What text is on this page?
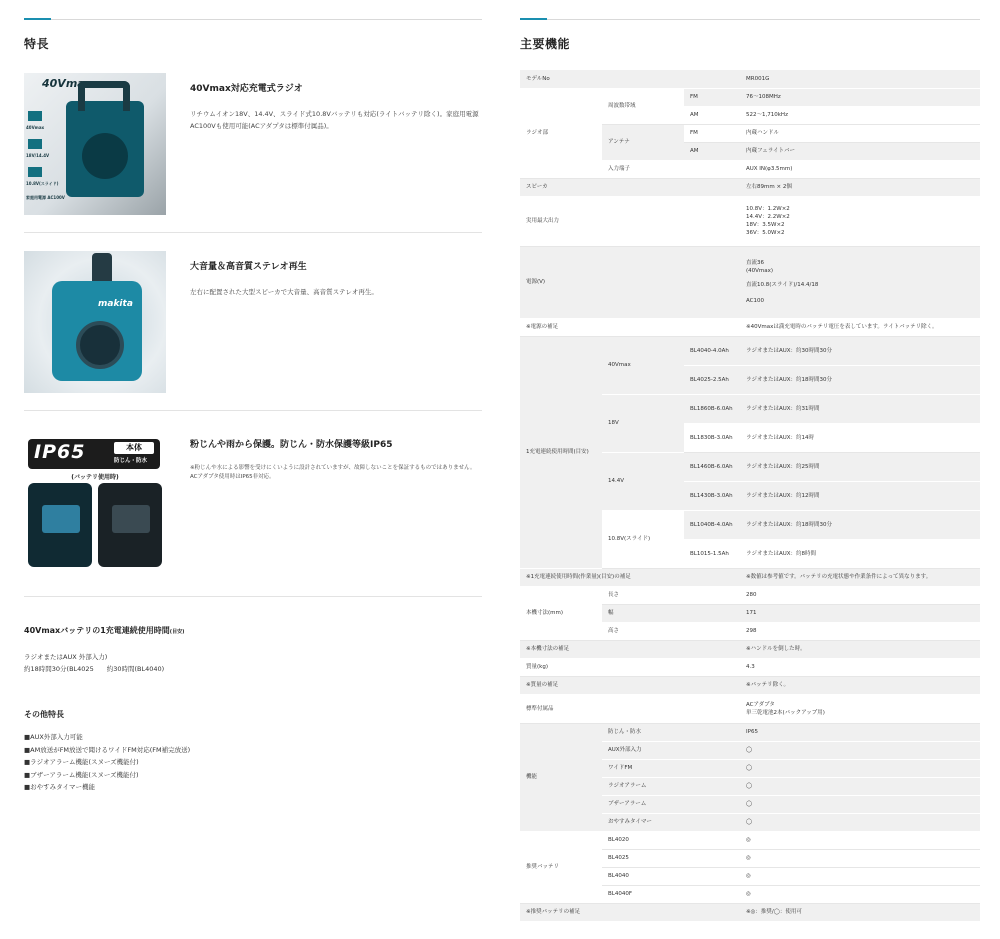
特長
40Vmax
40Vmax
18V/14.4V
10.8V(スライド)
家庭用電源 AC100V
40Vmax対応充電式ラジオ
リチウムイオン18V、14.4V、スライド式10.8Vバッテリも対応(ライトバッテリ除く)。家庭用電源AC100Vも使用可能(ACアダプタは標準付属品)。
makita
大音量＆高音質ステレオ再生
左右に配置された大型スピーカで大音量、高音質ステレオ再生。
IP65	本体
防じん・防水
(バッテリ使用時)
粉じんや雨から保護。防じん・防水保護等級IP65
※粉じんや水による影響を受けにくいように設計されていますが、故障しないことを保証するものではありません。ACアダプタ使用時はIP65非対応。
40Vmaxバッテリの1充電連続使用時間(目安)
ラジオまたはAUX 外部入力)
約18時間30分(BL4025　　約30時間(BL4040)
その他特長
■AUX外部入力可能
■AM放送がFM放送で聞けるワイドFM対応(FM補完放送)
■ラジオアラーム機能(スヌーズ機能付)
■ブザーアラーム機能(スヌーズ機能付)
■おやすみタイマー機能
主要機能
モデルNo			MR001G
ラジオ部	周波数帯域	FM	76〜108MHz
		AM	522〜1,710kHz
	アンテナ	FM	内蔵ハンドル
		AM	内蔵フェライトバー
	入力端子		AUX IN(φ3.5mm)
スピーカ			左右89mm × 2個
実用最大出力			10.8V：1.2W×2
14.4V：2.2W×2
18V：3.5W×2
36V：5.0W×2

電源(V)			直流36
(40Vmax)
直流10.8(スライド)/14.4/18
AC100

※電源の補足			※40Vmaxは満充電時のバッテリ電圧を表しています。ライトバッテリ除く。
1充電連続使用時間(目安)	40Vmax	BL4040-4.0Ah	ラジオまたはAUX：約30時間30分
		BL4025-2.5Ah	ラジオまたはAUX：約18時間30分
	18V	BL1860B-6.0Ah	ラジオまたはAUX：約31時間
		BL1830B-3.0Ah	ラジオまたはAUX：約14時
	14.4V	BL1460B-6.0Ah	ラジオまたはAUX：約25時間
		BL1430B-3.0Ah	ラジオまたはAUX：約12時間
	10.8V(スライド)	BL1040B-4.0Ah	ラジオまたはAUX：約18時間30分
		BL1015-1.5Ah	ラジオまたはAUX：約8時間
※1充電連続使用時間(作業量)(目安)の補足			※数値は参考値です。バッテリの充電状態や作業条件によって異なります。
本機寸法(mm)	長さ		280
	幅		171
	高さ		298
※本機寸法の補足			※ハンドルを倒した時。
質量(kg)			4.3
※質量の補足			※バッテリ除く。
標準付属品			ACアダプタ
単三乾電池2本(バックアップ用)

機能	防じん・防水		IP65
	AUX外部入力		◯
	ワイドFM		◯
	ラジオアラーム		◯
	ブザーアラーム		◯
	おやすみタイマー		◯
推奨バッテリ	BL4020		◎
	BL4025		◎
	BL4040		◎
	BL4040F		◎
※推奨バッテリの補足			※◎：推奨/◯：使用可
